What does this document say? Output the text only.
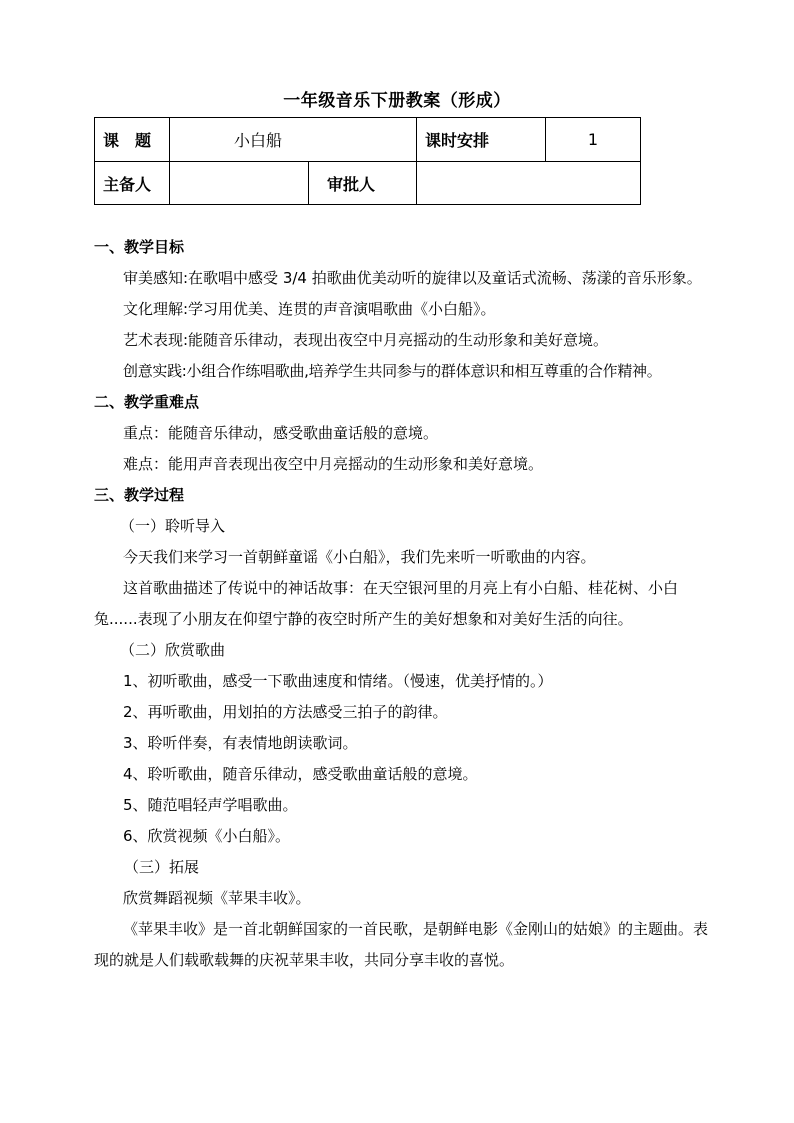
一年级音乐下册教案（形成）
课　题	小白船		课时安排	1
主备人		审批人		
一、教学目标

审美感知:在歌唱中感受 3/4 拍歌曲优美动听的旋律以及童话式流畅、荡漾的音乐形象。

文化理解:学习用优美、连贯的声音演唱歌曲《小白船》。

艺术表现:能随音乐律动，表现出夜空中月亮摇动的生动形象和美好意境。

创意实践:小组合作练唱歌曲,培养学生共同参与的群体意识和相互尊重的合作精神。

二、教学重难点

重点：能随音乐律动，感受歌曲童话般的意境。

难点：能用声音表现出夜空中月亮摇动的生动形象和美好意境。

三、教学过程
（一）聆听导入

今天我们来学习一首朝鲜童谣《小白船》，我们先来听一听歌曲的内容。

这首歌曲描述了传说中的神话故事：在天空银河里的月亮上有小白船、桂花树、小白兔......表现了小朋友在仰望宁静的夜空时所产生的美好想象和对美好生活的向往。

（二）欣赏歌曲

1、初听歌曲，感受一下歌曲速度和情绪。（慢速，优美抒情的。）

2、再听歌曲，用划拍的方法感受三拍子的韵律。

3、聆听伴奏，有表情地朗读歌词。

4、聆听歌曲，随音乐律动，感受歌曲童话般的意境。

5、随范唱轻声学唱歌曲。

6、欣赏视频《小白船》。

（三）拓展

欣赏舞蹈视频《苹果丰收》。

《苹果丰收》是一首北朝鲜国家的一首民歌，是朝鲜电影《金刚山的姑娘》的主题曲。表现的就是人们载歌载舞的庆祝苹果丰收，共同分享丰收的喜悦。
